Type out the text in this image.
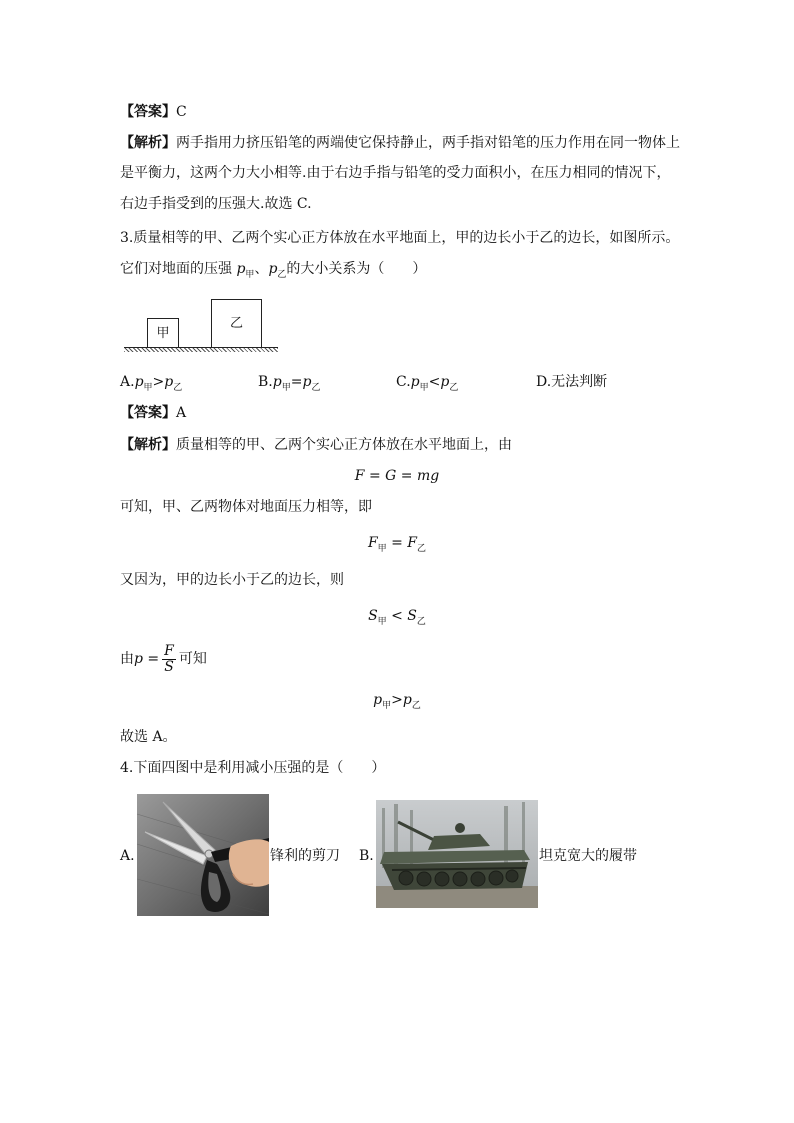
【答案】C
【解析】两手指用力挤压铅笔的两端使它保持静止，两手指对铅笔的压力作用在同一物体上
是平衡力，这两个力大小相等.由于右边手指与铅笔的受力面积小，在压力相同的情况下，
右边手指受到的压强大.故选 C.
3.质量相等的甲、乙两个实心正方体放在水平地面上，甲的边长小于乙的边长，如图所示。
它们对地面的压强 $p_甲$、$p_乙$的大小关系为（　　）
甲
乙
$A.p_甲>p_乙$	$B.p_甲=p_乙$	$C.p_甲<p_乙$	D.无法判断
【答案】A
【解析】质量相等的甲、乙两个实心正方体放在水平地面上，由
F = G = mg
可知，甲、乙两物体对地面压力相等，即
$F_甲 = F_乙$
又因为，甲的边长小于乙的边长，则
$S_甲 < S_乙$
由$p = \frac{F}{S}$ 可知
$p_甲>p_乙$
故选 A。
4.下面四图中是利用减小压强的是（　　）
A.	锋利的剪刀 B.	坦克宽大的履带
